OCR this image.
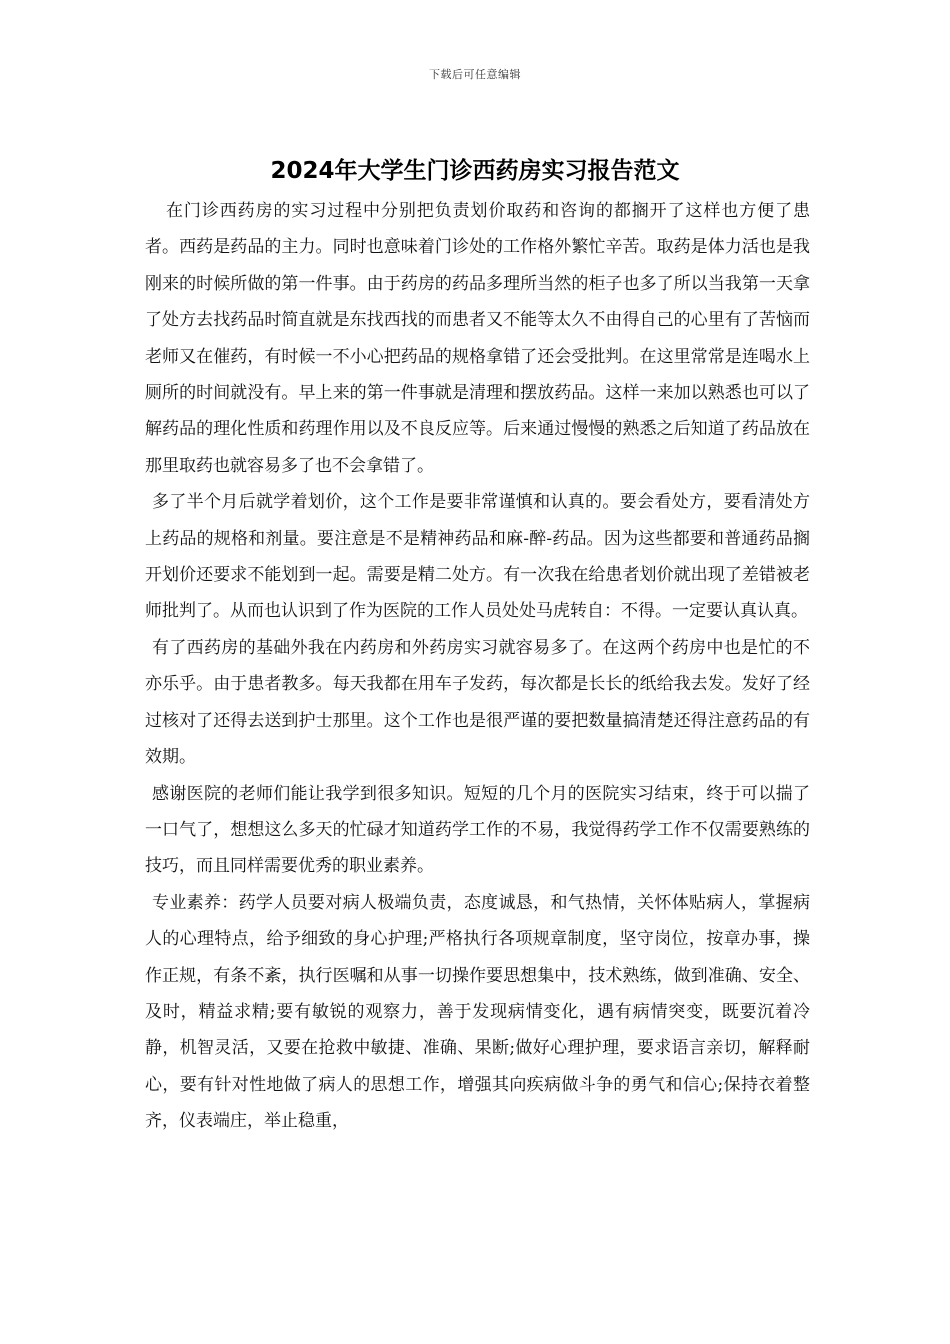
下载后可任意编辑
2024年大学生门诊西药房实习报告范文

在门诊西药房的实习过程中分别把负责划价取药和咨询的都搁开了这样也方便了患者。西药是药品的主力。同时也意味着门诊处的工作格外繁忙辛苦。取药是体力活也是我刚来的时候所做的第一件事。由于药房的药品多理所当然的柜子也多了所以当我第一天拿了处方去找药品时简直就是东找西找的而患者又不能等太久不由得自己的心里有了苦恼而老师又在催药，有时候一不小心把药品的规格拿错了还会受批判。在这里常常是连喝水上厕所的时间就没有。早上来的第一件事就是清理和摆放药品。这样一来加以熟悉也可以了解药品的理化性质和药理作用以及不良反应等。后来通过慢慢的熟悉之后知道了药品放在那里取药也就容易多了也不会拿错了。

多了半个月后就学着划价，这个工作是要非常谨慎和认真的。要会看处方，要看清处方上药品的规格和剂量。要注意是不是精神药品和麻-醉-药品。因为这些都要和普通药品搁开划价还要求不能划到一起。需要是精二处方。有一次我在给患者划价就出现了差错被老师批判了。从而也认识到了作为医院的工作人员处处马虎转自：不得。一定要认真认真。

有了西药房的基础外我在内药房和外药房实习就容易多了。在这两个药房中也是忙的不亦乐乎。由于患者教多。每天我都在用车子发药，每次都是长长的纸给我去发。发好了经过核对了还得去送到护士那里。这个工作也是很严谨的要把数量搞清楚还得注意药品的有效期。

感谢医院的老师们能让我学到很多知识。短短的几个月的医院实习结束，终于可以揣了一口气了，想想这么多天的忙碌才知道药学工作的不易，我觉得药学工作不仅需要熟练的技巧，而且同样需要优秀的职业素养。

专业素养：药学人员要对病人极端负责，态度诚恳，和气热情，关怀体贴病人，掌握病人的心理特点，给予细致的身心护理;严格执行各项规章制度，坚守岗位，按章办事，操作正规，有条不紊，执行医嘱和从事一切操作要思想集中，技术熟练，做到准确、安全、及时，精益求精;要有敏锐的观察力，善于发现病情变化，遇有病情突变，既要沉着冷静，机智灵活，又要在抢救中敏捷、准确、果断;做好心理护理，要求语言亲切，解释耐心，要有针对性地做了病人的思想工作，增强其向疾病做斗争的勇气和信心;保持衣着整齐，仪表端庄，举止稳重，
